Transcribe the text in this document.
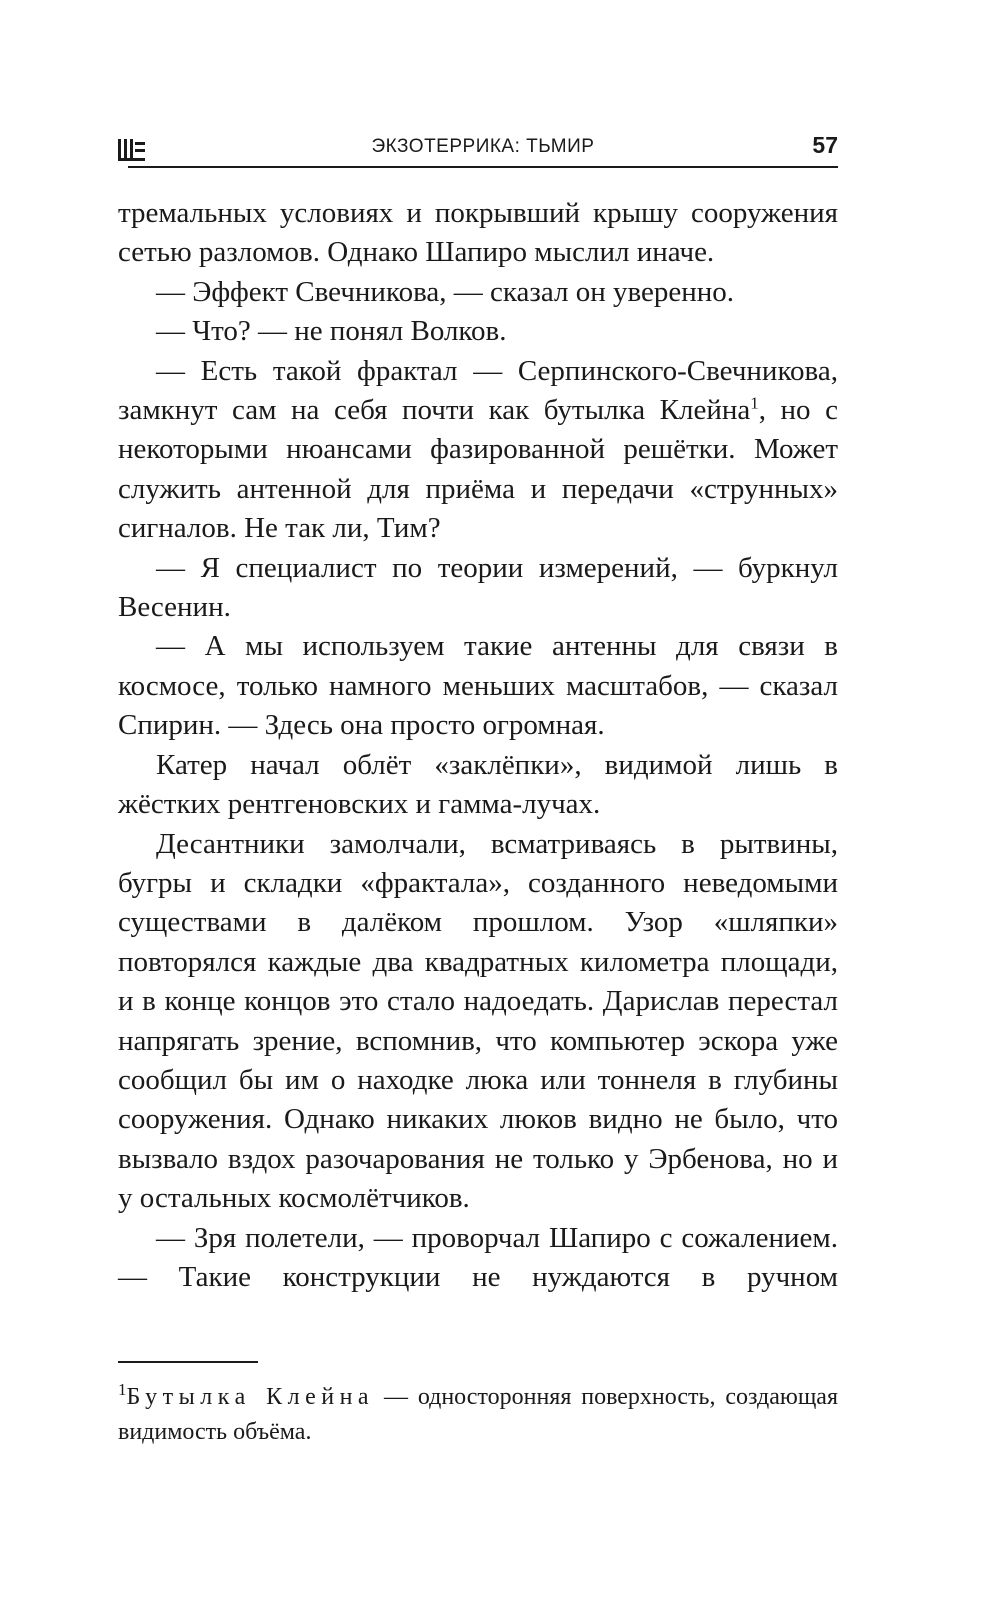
ЭКЗОТЕРРИКА: ТЬМИР	57

тремальных условиях и покрывший крышу сооружения сетью разломов. Однако Шапиро мыслил иначе.

— Эффект Свечникова, — сказал он уверенно.

— Что? — не понял Волков.

— Есть такой фрактал — Серпинского-Свечникова, замкнут сам на себя почти как бутылка Клейна$^1$, но с некоторыми нюансами фазированной решётки. Может служить антенной для приёма и передачи «струнных» сигналов. Не так ли, Тим?

— Я специалист по теории измерений, — буркнул Весенин.

— А мы используем такие антенны для связи в космосе, только намного меньших масштабов, — сказал Спирин. — Здесь она просто огромная.

Катер начал облёт «заклёпки», видимой лишь в жёстких рентгеновских и гамма-лучах.

Десантники замолчали, всматриваясь в рытвины, бугры и складки «фрактала», созданного неведомыми существами в далёком прошлом. Узор «шляпки» повторялся каждые два квадратных километра площади, и в конце концов это стало надоедать. Дарислав перестал напрягать зрение, вспомнив, что компьютер эскора уже сообщил бы им о находке люка или тоннеля в глубины сооружения. Однако никаких люков видно не было, что вызвало вздох разочарования не только у Эрбенова, но и у остальных космолётчиков.

— Зря полетели, — проворчал Шапиро с сожалением. — Такие конструкции не нуждаются в ручном

$^1$Бутылка Клейна — односторонняя поверхность, создающая видимость объёма.
